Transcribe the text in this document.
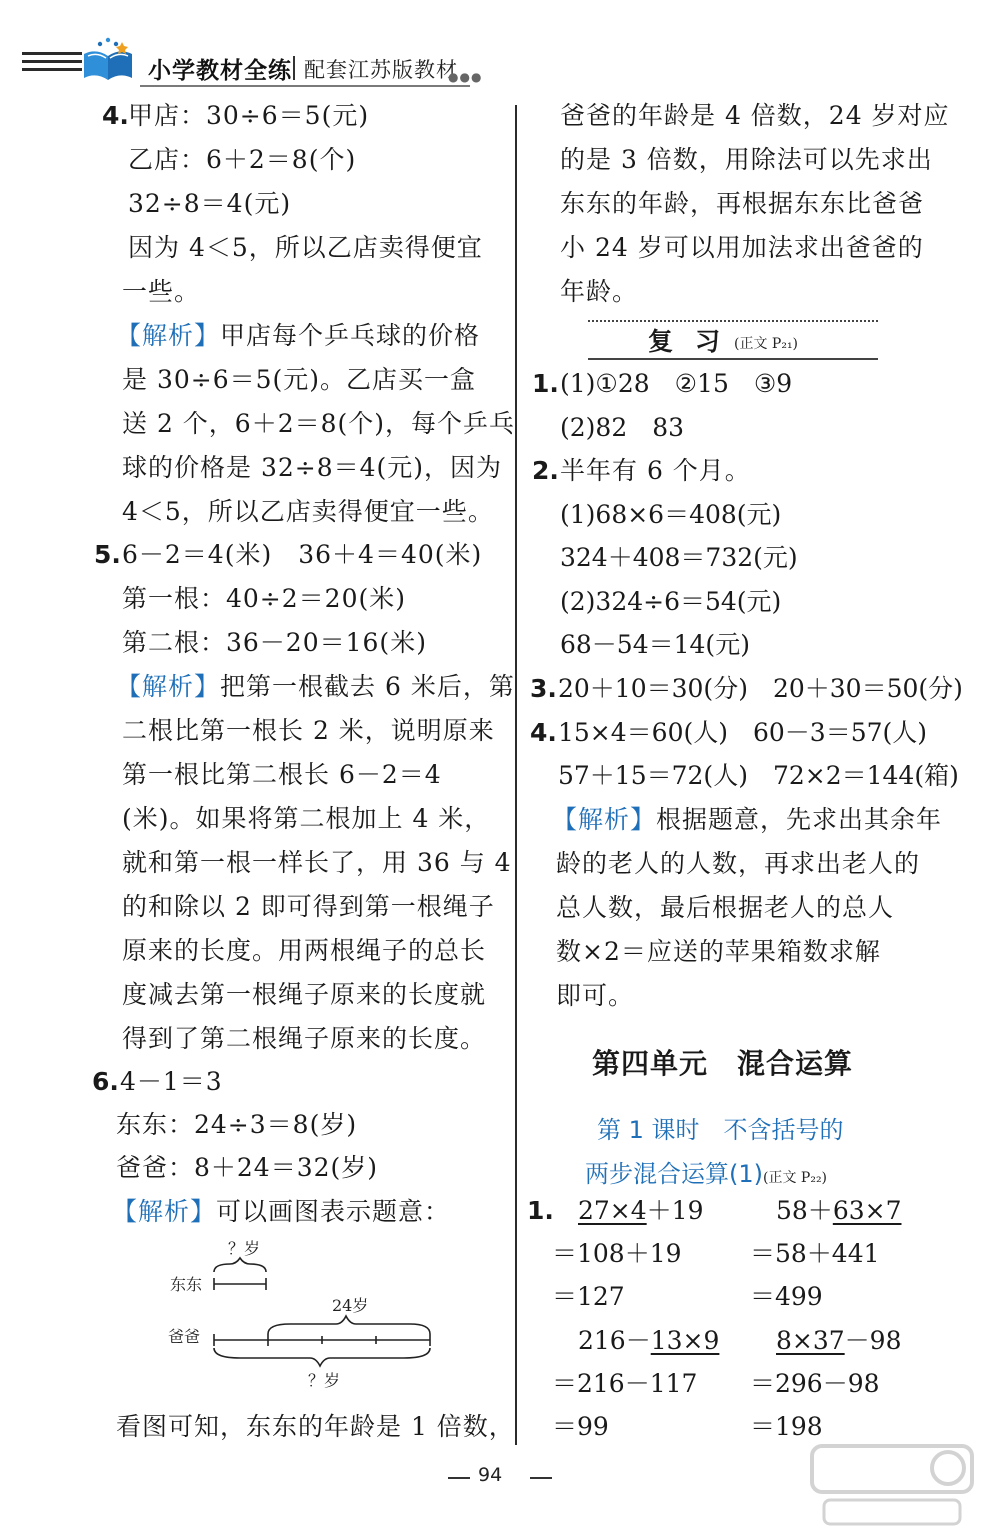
小学教材全练 配套江苏版教材
●●●
4. 甲店：30÷6＝5(元)
乙店：6＋2＝8(个)
32÷8＝4(元)
因为 4＜5，所以乙店卖得便宜
一些。
【解析】甲店每个乒乓球的价格
是 30÷6＝5(元)。乙店买一盒
送 2 个，6＋2＝8(个)，每个乒乓
球的价格是 32÷8＝4(元)，因为
4＜5，所以乙店卖得便宜一些。
5. 6－2＝4(米)　36＋4＝40(米)
第一根：40÷2＝20(米)
第二根：36－20＝16(米)
【解析】把第一根截去 6 米后，第
二根比第一根长 2 米，说明原来
第一根比第二根长 6－2＝4
(米)。如果将第二根加上 4 米，
就和第一根一样长了，用 36 与 4
的和除以 2 即可得到第一根绳子
原来的长度。用两根绳子的总长
度减去第一根绳子原来的长度就
得到了第二根绳子原来的长度。
6. 4－1＝3
东东：24÷3＝8(岁)
爸爸：8＋24＝32(岁)
【解析】可以画图表示题意：
？岁
东东
24岁
爸爸
？岁
看图可知，东东的年龄是 1 倍数，
爸爸的年龄是 4 倍数，24 岁对应
的是 3 倍数，用除法可以先求出
东东的年龄，再根据东东比爸爸
小 24 岁可以用加法求出爸爸的
年龄。
复习
(正文 P₂₁)
1. (1)①28　②15　③9
(2)82　83
2. 半年有 6 个月。
(1)68×6＝408(元)
324＋408＝732(元)
(2)324÷6＝54(元)
68－54＝14(元)
3. 20＋10＝30(分)　20＋30＝50(分)
4. 15×4＝60(人)　60－3＝57(人)
57＋15＝72(人)　72×2＝144(箱)
【解析】根据题意，先求出其余年
龄的老人的人数，再求出老人的
总人数，最后根据老人的总人
数×2＝应送的苹果箱数求解
即可。
第四单元　混合运算
第 1 课时　不含括号的
两步混合运算(1)(正文 P₂₂)
1. 27×4＋19	58＋63×7
＝108＋19	＝58＋441
＝127	＝499
216－13×9 8×37－98
＝216－117 ＝296－98
＝99	＝198
94
